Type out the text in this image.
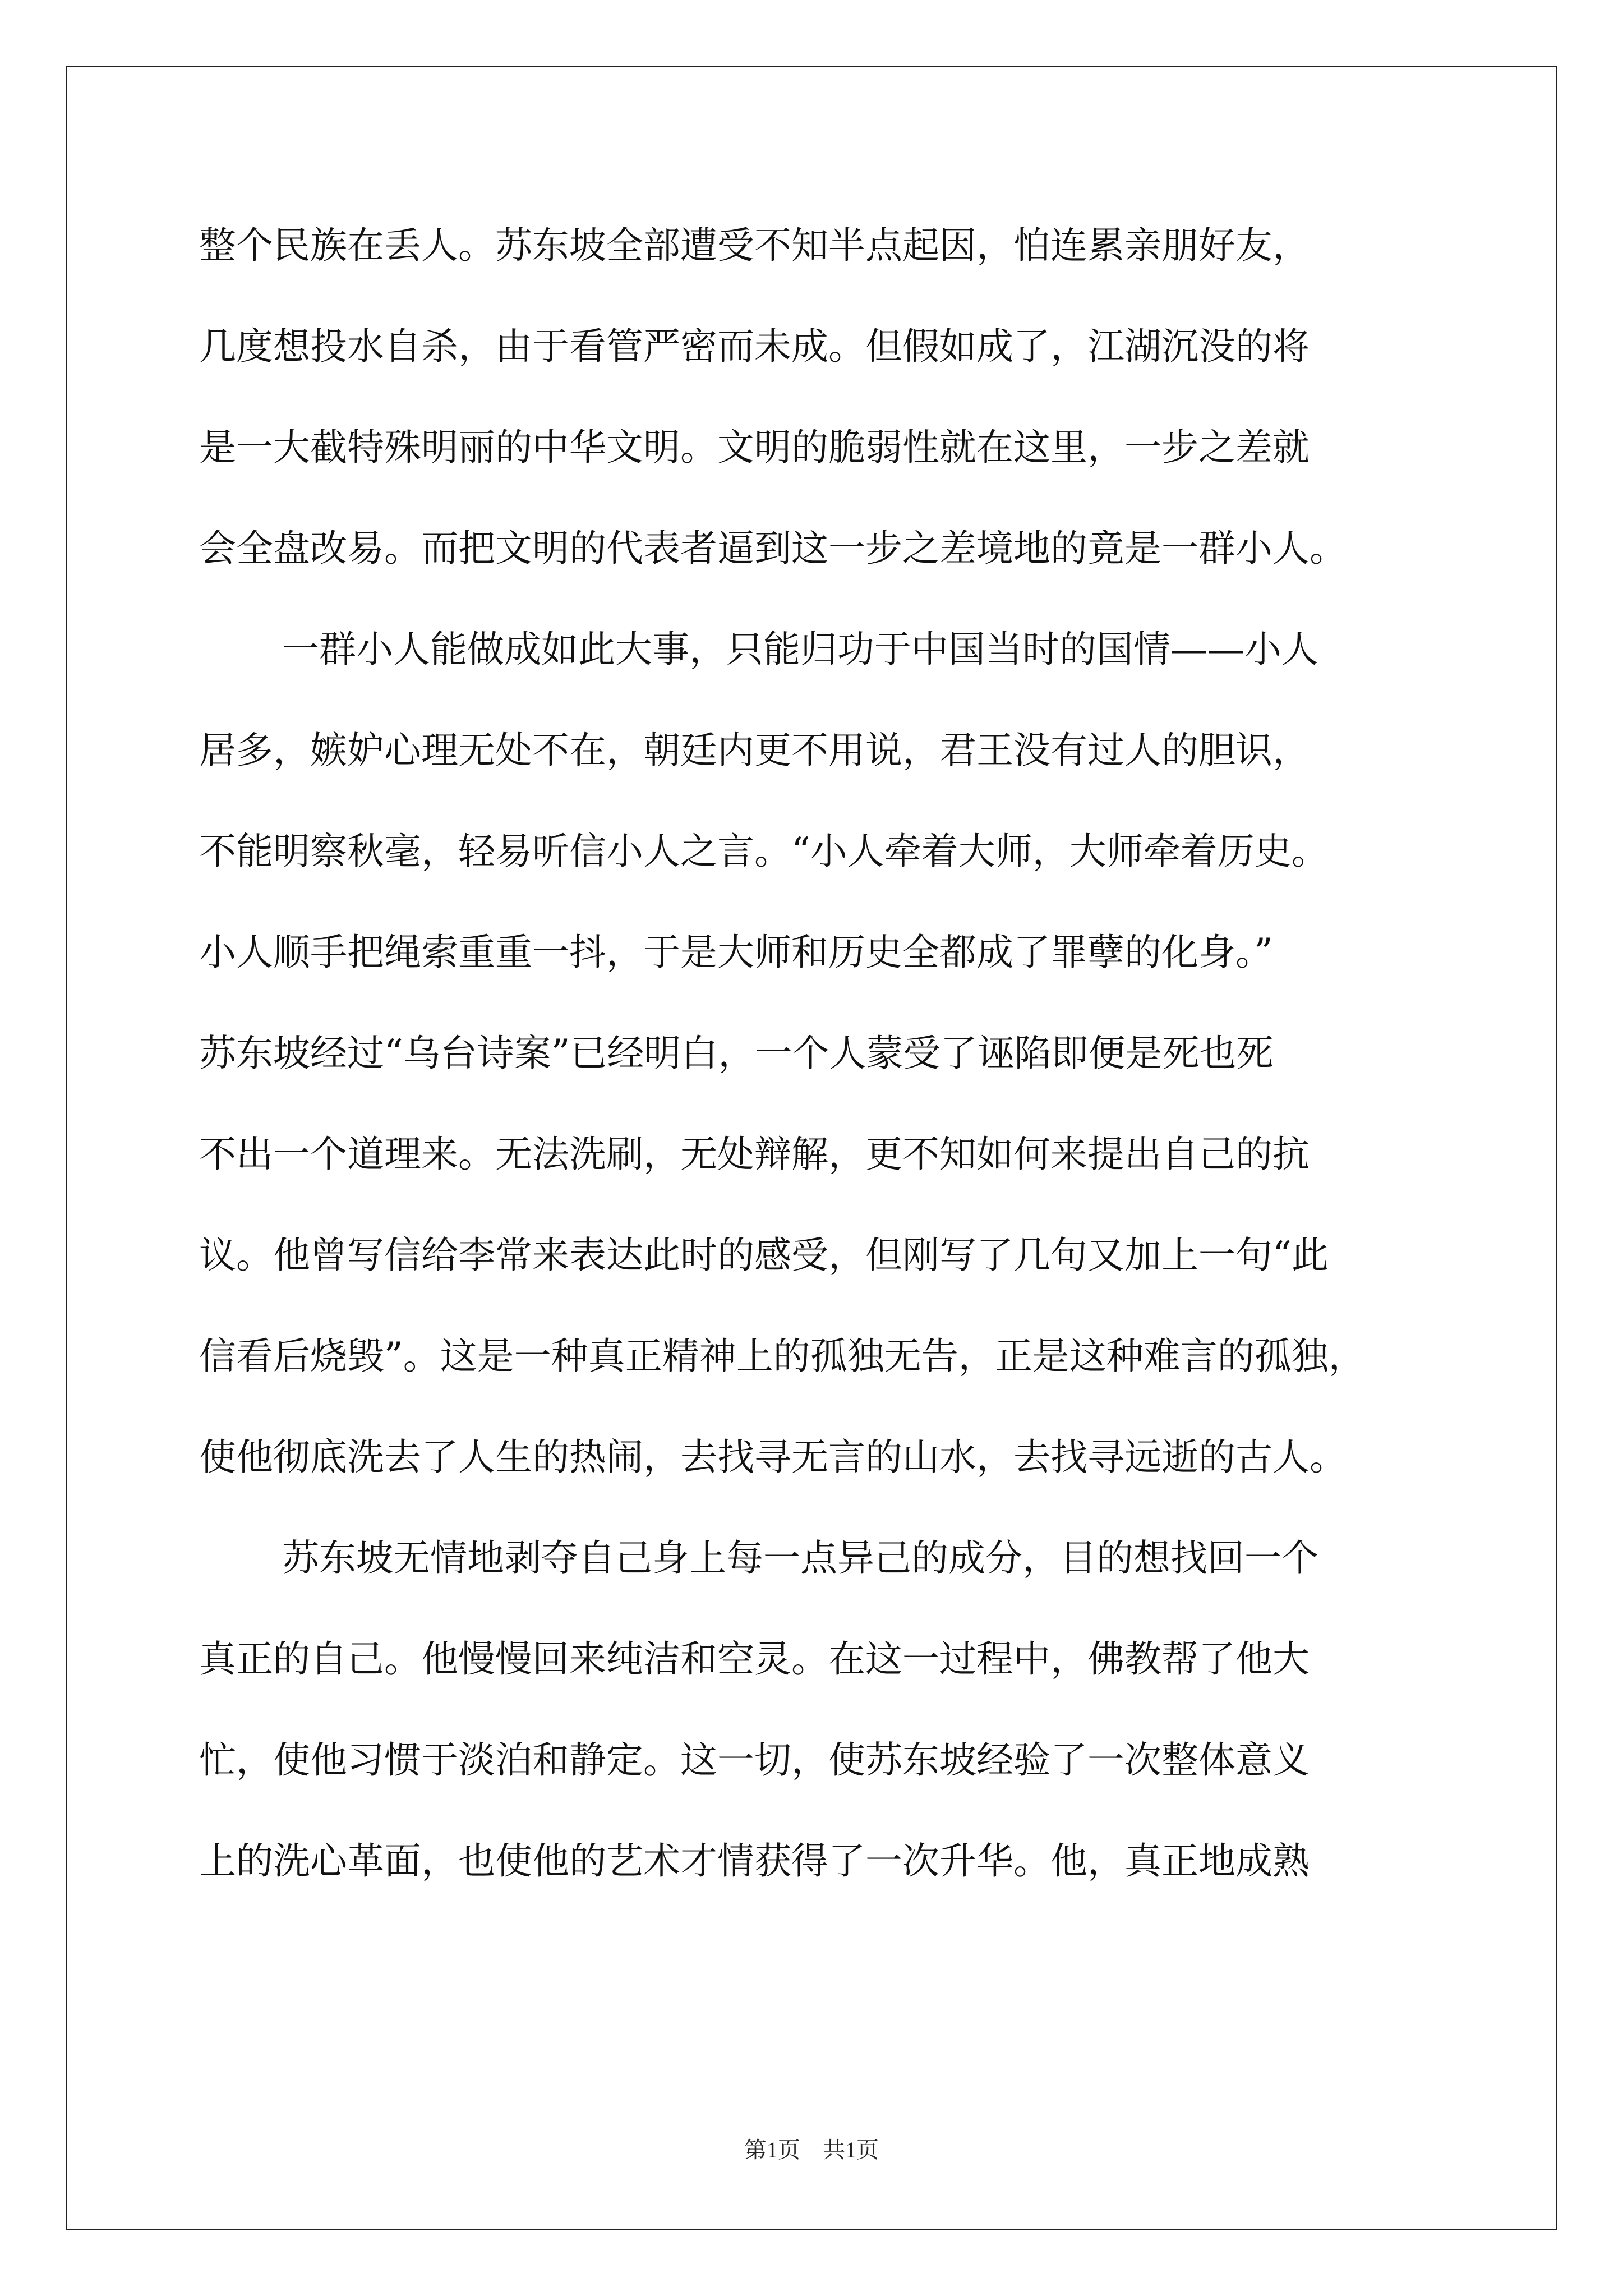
整个民族在丢人。苏东坡全部遭受不知半点起因，怕连累亲朋好友，
几度想投水自杀，由于看管严密而未成。但假如成了，江湖沉没的将
是一大截特殊明丽的中华文明。文明的脆弱性就在这里，一步之差就
会全盘改易。而把文明的代表者逼到这一步之差境地的竟是一群小人。
一群小人能做成如此大事，只能归功于中国当时的国情——小人
居多，嫉妒心理无处不在，朝廷内更不用说，君王没有过人的胆识，
不能明察秋毫，轻易听信小人之言。“小人牵着大师，大师牵着历史。
小人顺手把绳索重重一抖，于是大师和历史全都成了罪孽的化身。”
苏东坡经过“乌台诗案”已经明白，一个人蒙受了诬陷即便是死也死
不出一个道理来。无法洗刷，无处辩解，更不知如何来提出自己的抗
议。他曾写信给李常来表达此时的感受，但刚写了几句又加上一句“此
信看后烧毁”。这是一种真正精神上的孤独无告，正是这种难言的孤独，
使他彻底洗去了人生的热闹，去找寻无言的山水，去找寻远逝的古人。
苏东坡无情地剥夺自己身上每一点异己的成分，目的想找回一个
真正的自己。他慢慢回来纯洁和空灵。在这一过程中，佛教帮了他大
忙，使他习惯于淡泊和静定。这一切，使苏东坡经验了一次整体意义
上的洗心革面，也使他的艺术才情获得了一次升华。他，真正地成熟
第1页 共1页
